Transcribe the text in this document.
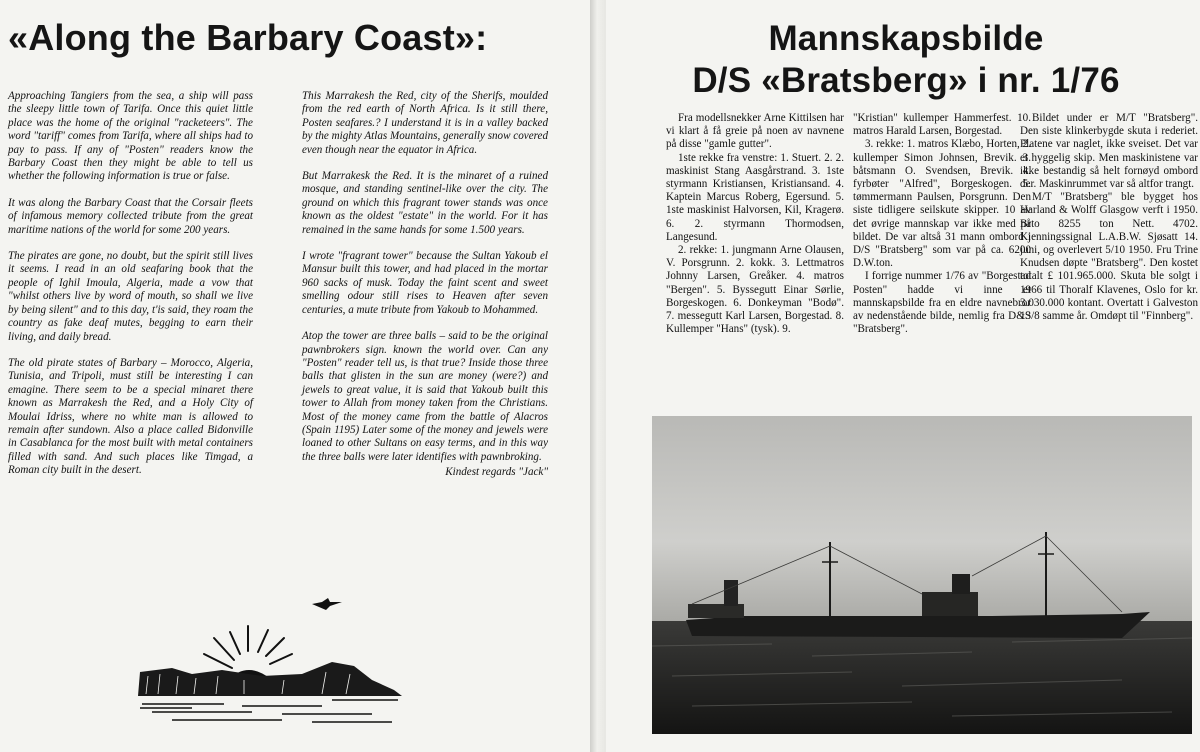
«Along the Barbary Coast»:

Approaching Tangiers from the sea, a ship will pass the sleepy little town of Tarifa. Once this quiet little place was the home of the original "racketeers". The word "tariff" comes from Tarifa, where all ships had to pay to pass. If any of "Posten" readers know the Barbary Coast then they might be able to tell us whether the following information is true or false.

It was along the Barbary Coast that the Corsair fleets of infamous memory collected tribute from the great maritime nations of the world for some 200 years.

The pirates are gone, no doubt, but the spirit still lives it seems. I read in an old seafaring book that the people of Ighil Imoula, Algeria, made a vow that "whilst others live by word of mouth, so shall we live by being silent" and to this day, t'is said, they roam the country as fake deaf mutes, begging to earn their living, and daily bread.

The old pirate states of Barbary – Morocco, Algeria, Tunisia, and Tripoli, must still be interesting I can emagine. There seem to be a special minaret there known as Marrakesh the Red, and a Holy City of Moulai Idriss, where no white man is allowed to remain after sundown. Also a place called Bidonville in Casablanca for the most built with metal containers filled with sand. And such places like Timgad, a Roman city built in the desert.

This Marrakesh the Red, city of the Sherifs, moulded from the red earth of North Africa. Is it still there, Posten seafares.? I understand it is in a valley backed by the mighty Atlas Mountains, generally snow covered even though near the equator in Africa.

But Marrakesk the Red. It is the minaret of a ruined mosque, and standing sentinel-like over the city. The ground on which this fragrant tower stands was once known as the oldest "estate" in the world. For it has remained in the same hands for some 1.500 years.

I wrote "fragrant tower" because the Sultan Yakoub el Mansur built this tower, and had placed in the mortar 960 sacks of musk. Today the faint scent and sweet smelling odour still rises to Heaven after seven centuries, a mute tribute from Yakoub to Mohammed.

Atop the tower are three balls – said to be the original pawnbrokers sign. known the world over. Can any "Posten" reader tell us, is that true? Inside those three balls that glisten in the sun are money (were?) and jewels to great value, it is said that Yakoub built this tower to Allah from money taken from the Christians. Most of the money came from the battle of Alacros (Spain 1195) Later some of the money and jewels were loaned to other Sultans on easy terms, and in this way the three balls were later identifies with pawnbroking.

Kindest regards "Jack"

Mannskapsbilde
D/S «Bratsberg» i nr. 1/76

Fra modellsnekker Arne Kittilsen har vi klart å få greie på noen av navnene på disse "gamle gutter".

1ste rekke fra venstre: 1. Stuert. 2. 2. maskinist Stang Aasgårstrand. 3. 1ste styrmann Kristiansen, Kristiansand. 4. Kaptein Marcus Roberg, Egersund. 5. 1ste maskinist Halvorsen, Kil, Kragerø. 6. 2. styrmann Thormodsen, Langesund.

2. rekke: 1. jungmann Arne Olausen, V. Porsgrunn. 2. kokk. 3. Lettmatros Johnny Larsen, Greåker. 4. matros "Bergen". 5. Byssegutt Einar Sørlie, Borgeskogen. 6. Donkeyman "Bodø". 7. messegutt Karl Larsen, Borgestad. 8. Kullemper "Hans" (tysk). 9.

"Kristian" kullemper Hammerfest. 10. matros Harald Larsen, Borgestad.

3. rekke: 1. matros Klæbo, Horten, 2. kullemper Simon Johnsen, Brevik. 3. båtsmann O. Svendsen, Brevik. 4. fyrbøter "Alfred", Borgeskogen. 5. tømmermann Paulsen, Porsgrunn. Den siste tidligere seilskute skipper. 10 av det øvrige mannskap var ikke med på bildet. De var altså 31 mann ombord i D/S "Bratsberg" som var på ca. 6200 D.W.ton.

I forrige nummer 1/76 av "Borgestad Posten" hadde vi inne et mannskapsbilde fra en eldre navnebror av nedenstående bilde, nemlig fra D&S "Bratsberg".

Bildet under er M/T "Bratsberg". Den siste klinkerbygde skuta i rederiet. Platene var naglet, ikke sveiset. Det var et hyggelig skip. Men maskinistene var ikke bestandig så helt fornøyd ombord der. Maskinrummet var så altfor trangt.

M/T "Bratsberg" ble bygget hos Harland & Wolff Glasgow verft i 1950. Brto 8255 ton Nett. 4702. Kjenningssignal L.A.B.W. Sjøsatt 14. juni, og overlevert 5/10 1950. Fru Trine Knudsen døpte "Bratsberg". Den kostet totalt £ 101.965.000. Skuta ble solgt i 1966 til Thoralf Klavenes, Oslo for kr. 3.030.000 kontant. Overtatt i Galveston 13/8 samme år. Omdøpt til "Finnberg".
